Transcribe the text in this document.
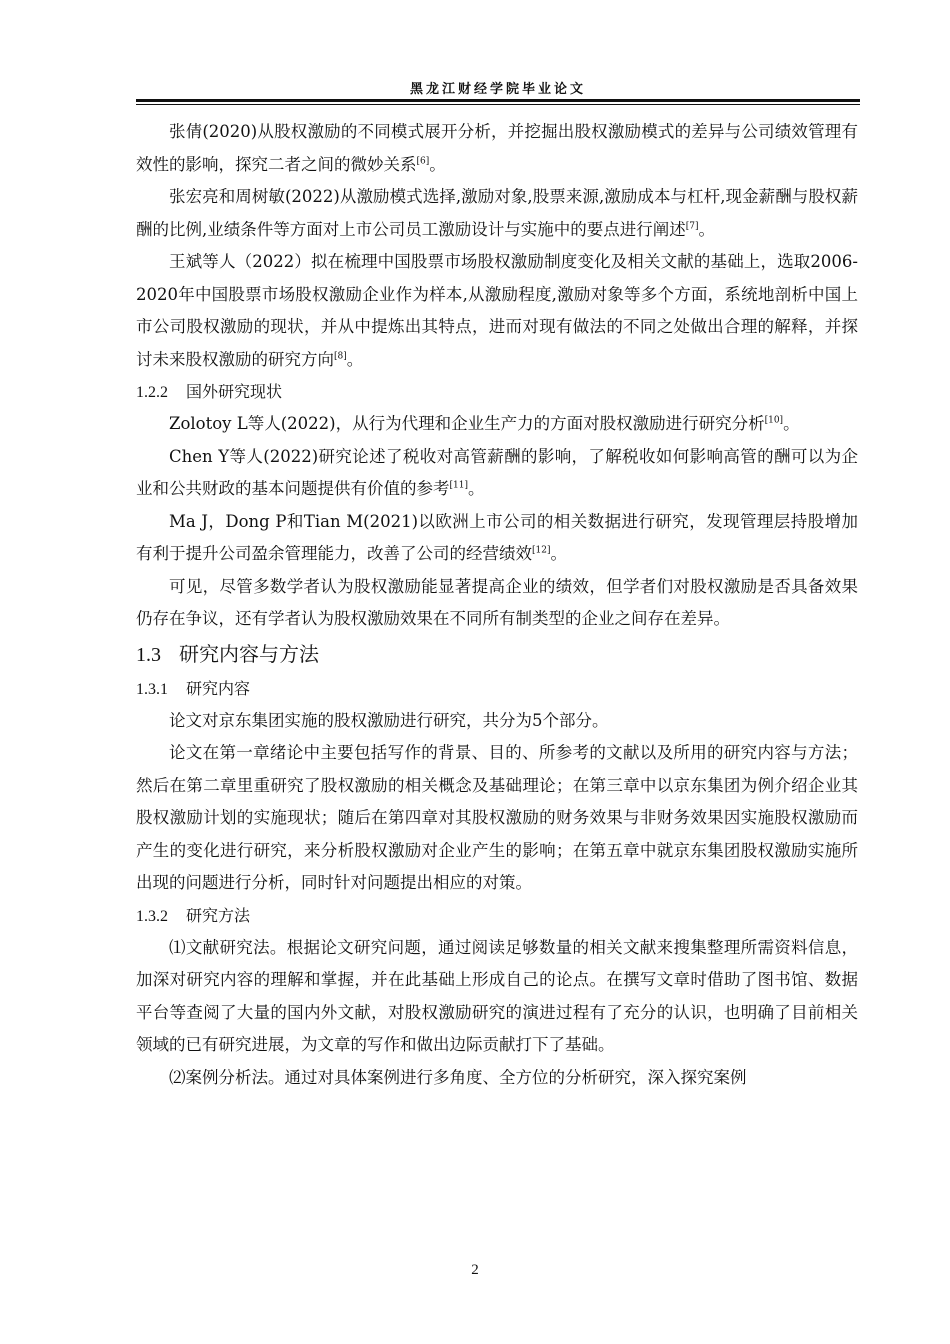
黑龙江财经学院毕业论文

张倩(2020)从股权激励的不同模式展开分析，并挖掘出股权激励模式的差异与公司绩效管理有效性的影响，探究二者之间的微妙关系[6]。

张宏亮和周树敏(2022)从激励模式选择,激励对象,股票来源,激励成本与杠杆,现金薪酬与股权薪酬的比例,业绩条件等方面对上市公司员工激励设计与实施中的要点进行阐述[7]。

王斌等人（2022）拟在梳理中国股票市场股权激励制度变化及相关文献的基础上，选取2006-2020年中国股票市场股权激励企业作为样本,从激励程度,激励对象等多个方面，系统地剖析中国上市公司股权激励的现状，并从中提炼出其特点，进而对现有做法的不同之处做出合理的解释，并探讨未来股权激励的研究方向[8]。

1.2.2 国外研究现状

Zolotoy L等人(2022)，从行为代理和企业生产力的方面对股权激励进行研究分析[10]。

Chen Y等人(2022)研究论述了税收对高管薪酬的影响，了解税收如何影响高管的酬可以为企业和公共财政的基本问题提供有价值的参考[11]。

Ma J，Dong P和Tian M(2021)以欧洲上市公司的相关数据进行研究，发现管理层持股增加有利于提升公司盈余管理能力，改善了公司的经营绩效[12]。

可见，尽管多数学者认为股权激励能显著提高企业的绩效，但学者们对股权激励是否具备效果仍存在争议，还有学者认为股权激励效果在不同所有制类型的企业之间存在差异。

1.3 研究内容与方法
1.3.1 研究内容

论文对京东集团实施的股权激励进行研究，共分为5个部分。

论文在第一章绪论中主要包括写作的背景、目的、所参考的文献以及所用的研究内容与方法；然后在第二章里重研究了股权激励的相关概念及基础理论；在第三章中以京东集团为例介绍企业其股权激励计划的实施现状；随后在第四章对其股权激励的财务效果与非财务效果因实施股权激励而产生的变化进行研究，来分析股权激励对企业产生的影响；在第五章中就京东集团股权激励实施所出现的问题进行分析，同时针对问题提出相应的对策。

1.3.2 研究方法

⑴文献研究法。根据论文研究问题，通过阅读足够数量的相关文献来搜集整理所需资料信息，加深对研究内容的理解和掌握，并在此基础上形成自己的论点。在撰写文章时借助了图书馆、数据平台等查阅了大量的国内外文献，对股权激励研究的演进过程有了充分的认识，也明确了目前相关领域的已有研究进展，为文章的写作和做出边际贡献打下了基础。

⑵案例分析法。通过对具体案例进行多角度、全方位的分析研究，深入探究案例

2
